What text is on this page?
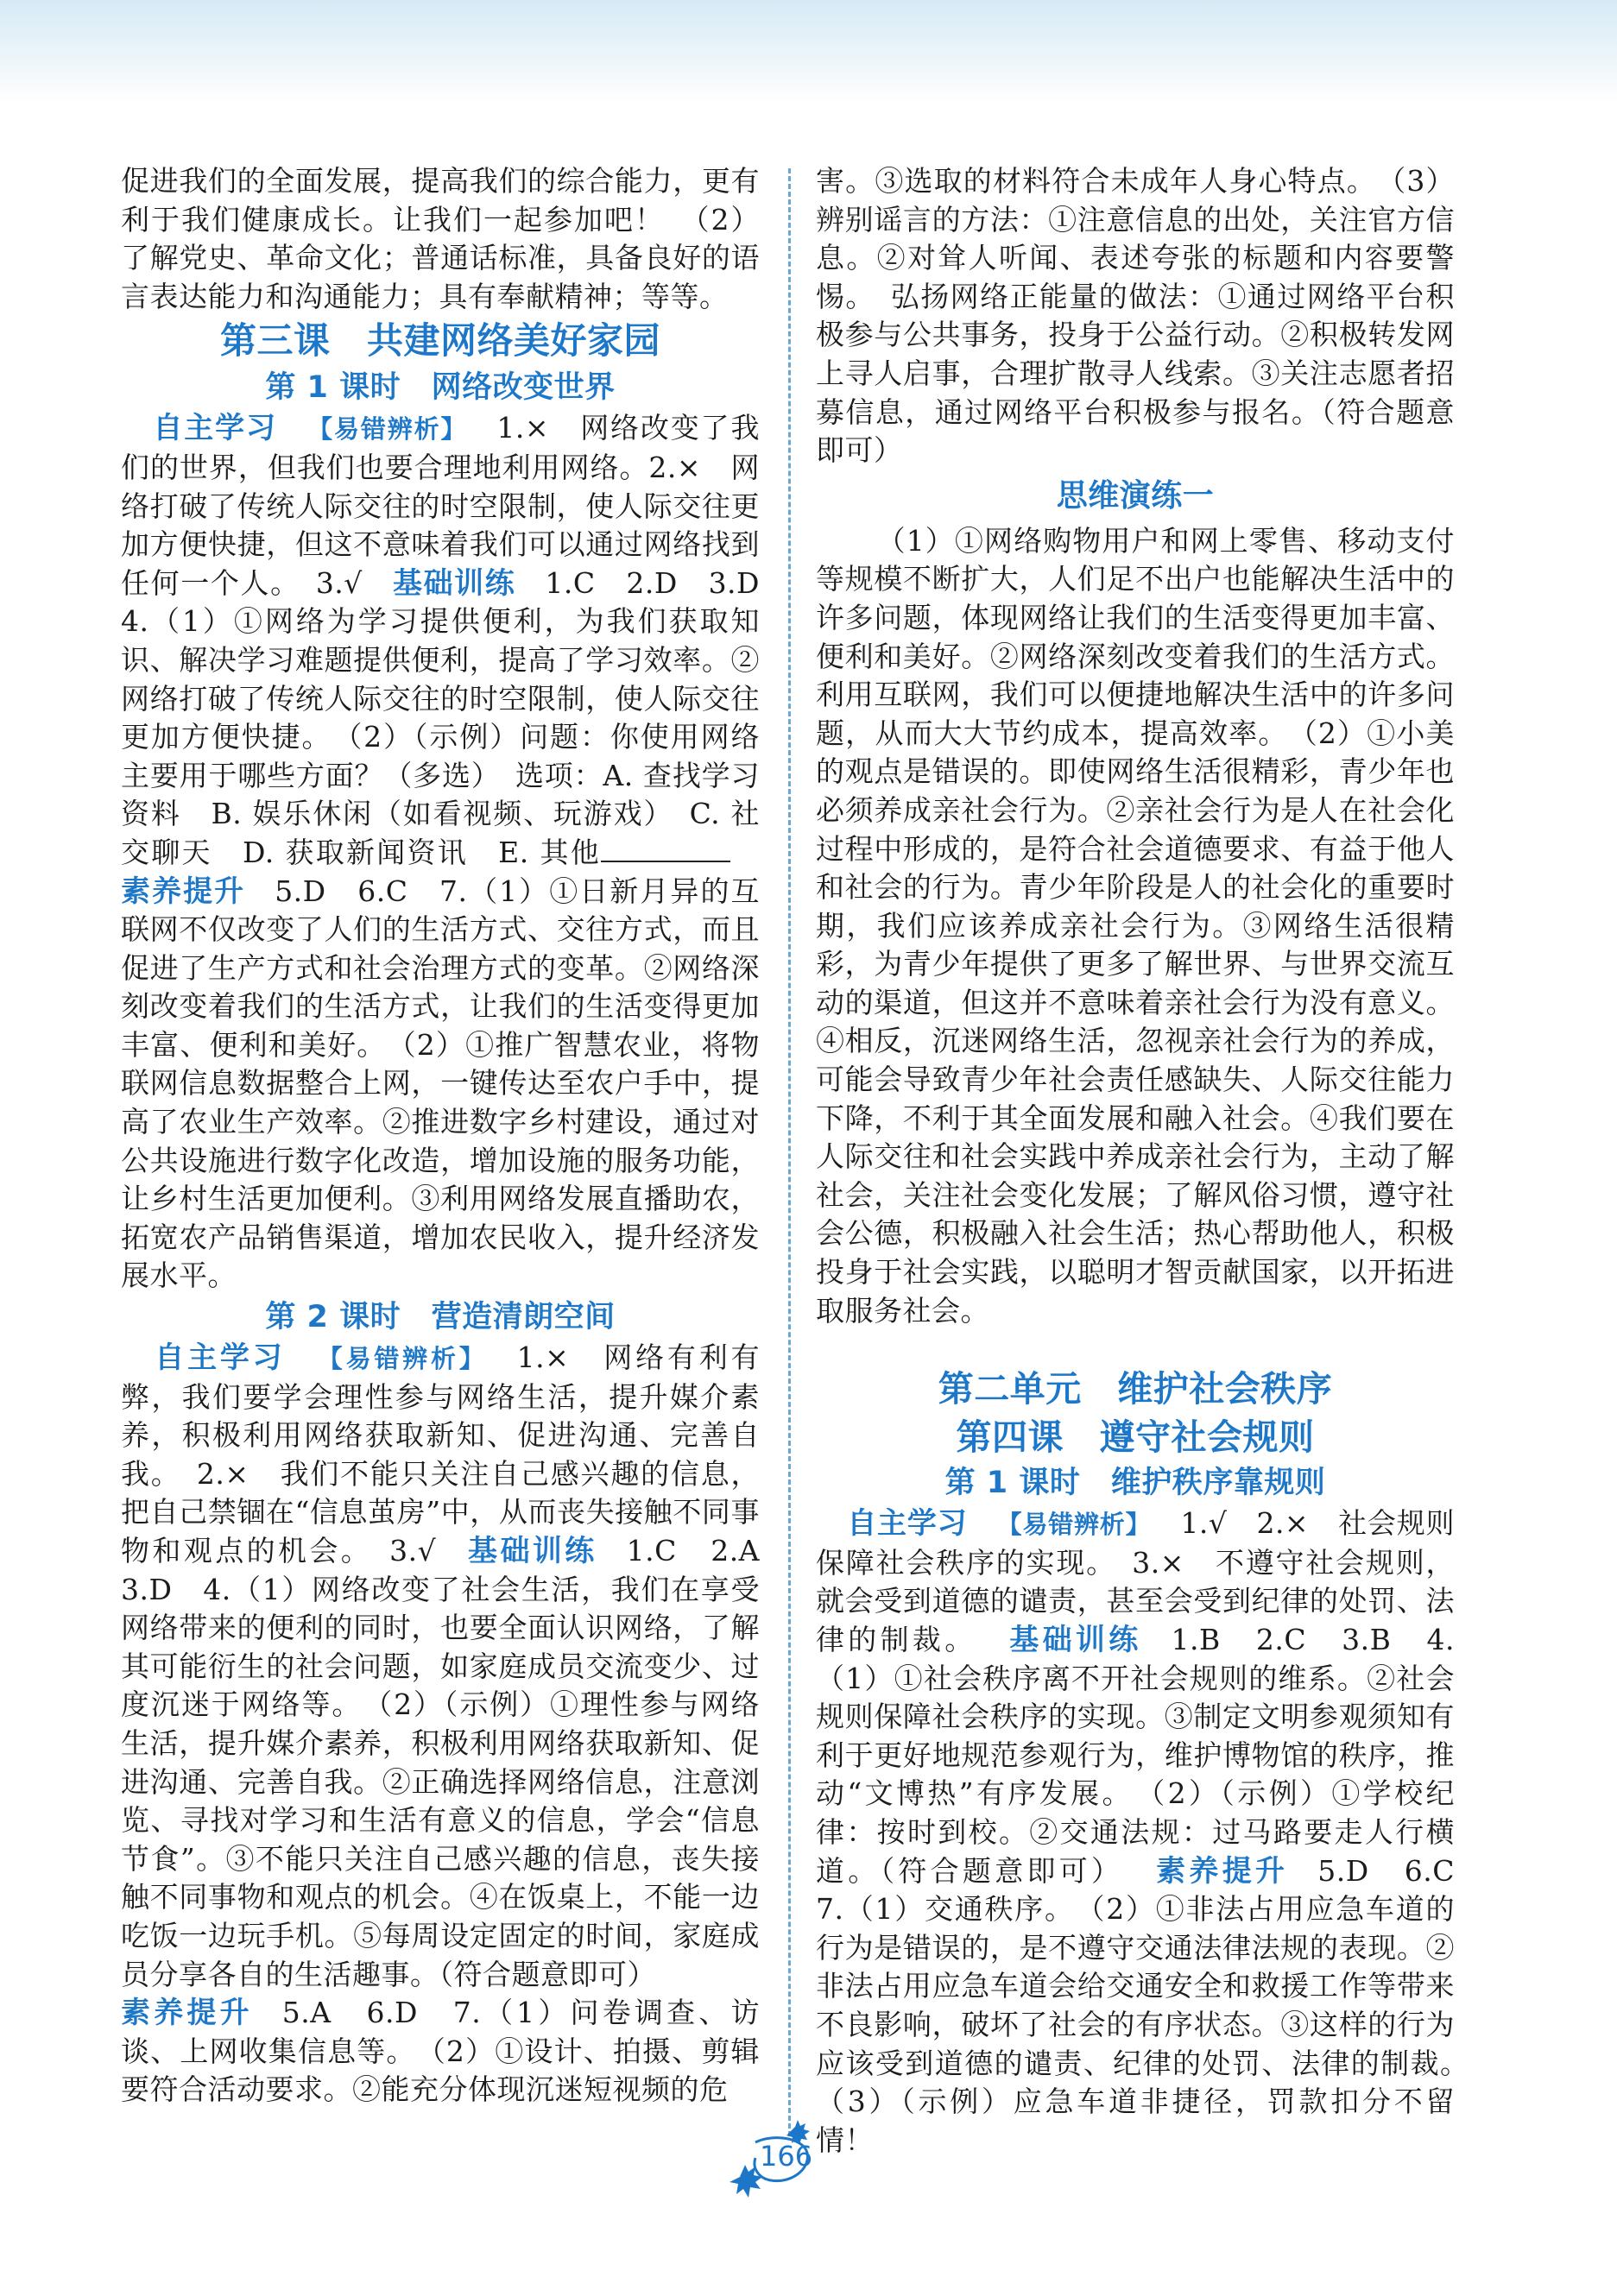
促进我们的全面发展，提高我们的综合能力，更有利于我们健康成长。让我们一起参加吧！　（2）了解党史、革命文化；普通话标准，具备良好的语言表达能力和沟通能力；具有奉献精神；等等。

第三课　共建网络美好家园

第 1 课时　网络改变世界

自主学习 【易错辨析】 1.×　网络改变了我们的世界，但我们也要合理地利用网络。2.×　网络打破了传统人际交往的时空限制，使人际交往更加方便快捷，但这不意味着我们可以通过网络找到任何一个人。　3.√ 基础训练 1.C　2.D　3.D　4.（1）①网络为学习提供便利，为我们获取知识、解决学习难题提供便利，提高了学习效率。②网络打破了传统人际交往的时空限制，使人际交往更加方便快捷。　（2）（示例）问题：你使用网络主要用于哪些方面？（多选）　选项：A. 查找学习资料　B. 娱乐休闲（如看视频、玩游戏）　C. 社交聊天　D. 获取新闻资讯　E. 其他素养提升 5.D　6.C　7.（1）①日新月异的互联网不仅改变了人们的生活方式、交往方式，而且促进了生产方式和社会治理方式的变革。②网络深刻改变着我们的生活方式，让我们的生活变得更加丰富、便利和美好。　（2）①推广智慧农业，将物联网信息数据整合上网，一键传达至农户手中，提高了农业生产效率。②推进数字乡村建设，通过对公共设施进行数字化改造，增加设施的服务功能，让乡村生活更加便利。③利用网络发展直播助农，拓宽农产品销售渠道，增加农民收入，提升经济发展水平。

第 2 课时　营造清朗空间

自主学习 【易错辨析】 1.×　网络有利有弊，我们要学会理性参与网络生活，提升媒介素养，积极利用网络获取新知、促进沟通、完善自我。　2.×　我们不能只关注自己感兴趣的信息，把自己禁锢在“信息茧房”中，从而丧失接触不同事物和观点的机会。　3.√ 基础训练 1.C　2.A　3.D　4.（1）网络改变了社会生活，我们在享受网络带来的便利的同时，也要全面认识网络，了解其可能衍生的社会问题，如家庭成员交流变少、过度沉迷于网络等。　（2）（示例）①理性参与网络生活，提升媒介素养，积极利用网络获取新知、促进沟通、完善自我。②正确选择网络信息，注意浏览、寻找对学习和生活有意义的信息，学会“信息节食”。③不能只关注自己感兴趣的信息，丧失接触不同事物和观点的机会。④在饭桌上，不能一边吃饭一边玩手机。⑤每周设定固定的时间，家庭成员分享各自的生活趣事。（符合题意即可）
素养提升 5.A　6.D　7.（1）问卷调查、访谈、上网收集信息等。　（2）①设计、拍摄、剪辑要符合活动要求。②能充分体现沉迷短视频的危

害。③选取的材料符合未成年人身心特点。　（3）辨别谣言的方法：①注意信息的出处，关注官方信息。②对耸人听闻、表述夸张的标题和内容要警惕。　弘扬网络正能量的做法：①通过网络平台积极参与公共事务，投身于公益行动。②积极转发网上寻人启事，合理扩散寻人线索。③关注志愿者招募信息，通过网络平台积极参与报名。（符合题意即可）

思维演练一

（1）①网络购物用户和网上零售、移动支付等规模不断扩大，人们足不出户也能解决生活中的许多问题，体现网络让我们的生活变得更加丰富、便利和美好。②网络深刻改变着我们的生活方式。利用互联网，我们可以便捷地解决生活中的许多问题，从而大大节约成本，提高效率。　（2）①小美的观点是错误的。即使网络生活很精彩，青少年也必须养成亲社会行为。②亲社会行为是人在社会化过程中形成的，是符合社会道德要求、有益于他人和社会的行为。青少年阶段是人的社会化的重要时期，我们应该养成亲社会行为。③网络生活很精彩，为青少年提供了更多了解世界、与世界交流互动的渠道，但这并不意味着亲社会行为没有意义。④相反，沉迷网络生活，忽视亲社会行为的养成，可能会导致青少年社会责任感缺失、人际交往能力下降，不利于其全面发展和融入社会。④我们要在人际交往和社会实践中养成亲社会行为，主动了解社会，关注社会变化发展；了解风俗习惯，遵守社会公德，积极融入社会生活；热心帮助他人，积极投身于社会实践，以聪明才智贡献国家，以开拓进取服务社会。

第二单元　维护社会秩序

第四课　遵守社会规则

第 1 课时　维护秩序靠规则

自主学习 【易错辨析】 1.√　2.×　社会规则保障社会秩序的实现。　3.×　不遵守社会规则，就会受到道德的谴责，甚至会受到纪律的处罚、法律的制裁。 基础训练 1.B　2.C　3.B　4.（1）①社会秩序离不开社会规则的维系。②社会规则保障社会秩序的实现。③制定文明参观须知有利于更好地规范参观行为，维护博物馆的秩序，推动“文博热”有序发展。　（2）（示例）①学校纪律：按时到校。②交通法规：过马路要走人行横道。（符合题意即可） 素养提升 5.D　6.C　7.（1）交通秩序。　（2）①非法占用应急车道的行为是错误的，是不遵守交通法律法规的表现。②非法占用应急车道会给交通安全和救援工作等带来不良影响，破坏了社会的有序状态。③这样的行为应该受到道德的谴责、纪律的处罚、法律的制裁。　（3）（示例）应急车道非捷径，罚款扣分不留情！

166
